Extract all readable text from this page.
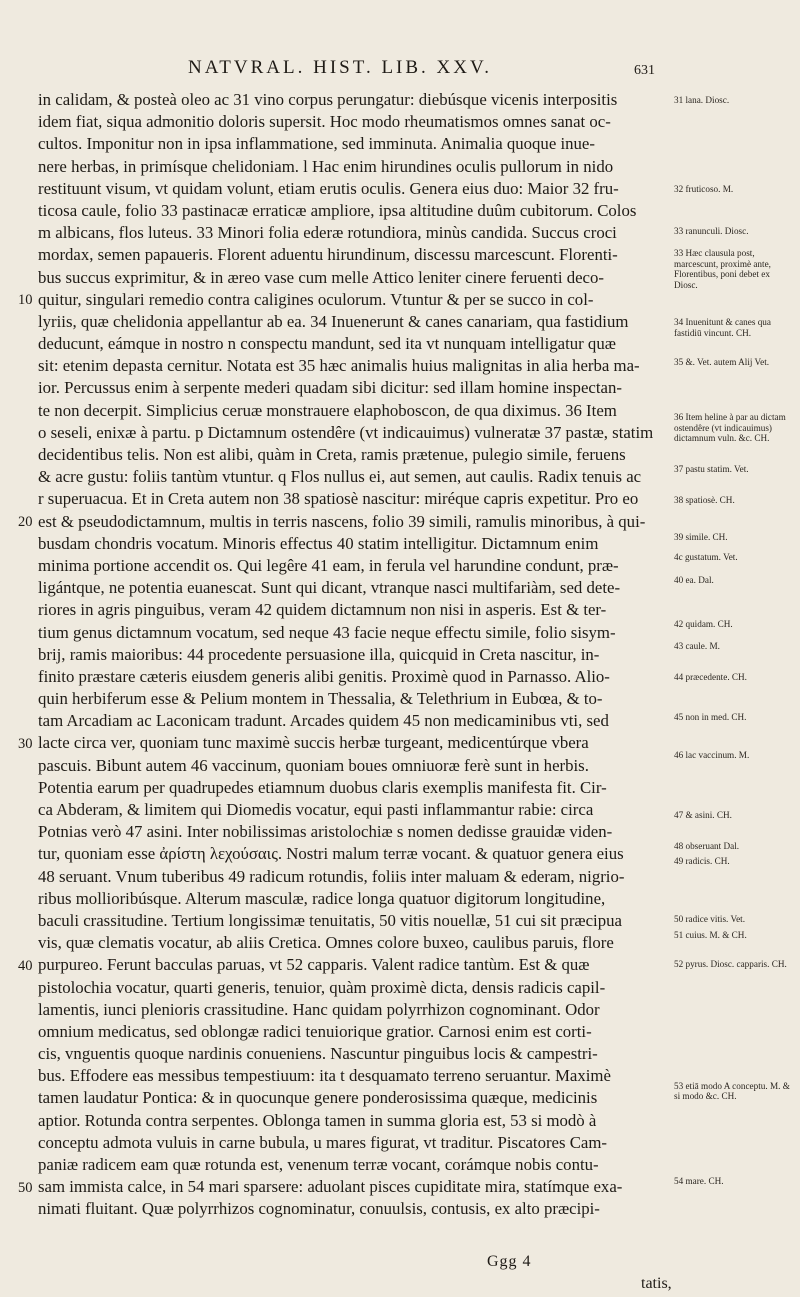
NATVRAL. HIST. LIB. XXV.	631
10
20
30
40
50
in calidam, & posteà oleo ac 31 vino corpus perungatur: diebúsque vicenis interpositis
idem fiat, siqua admonitio doloris supersit. Hoc modo rheumatismos omnes sanat oc-
cultos. Imponitur non in ipsa inflammatione, sed imminuta. Animalia quoque inue-
nere herbas, in primísque chelidoniam. l Hac enim hirundines oculis pullorum in nido
restituunt visum, vt quidam volunt, etiam erutis oculis. Genera eius duo: Maior 32 fru-
ticosa caule, folio 33 pastinacæ erraticæ ampliore, ipsa altitudine duûm cubitorum. Colos
m albicans, flos luteus. 33 Minori folia ederæ rotundiora, minùs candida. Succus croci
mordax, semen papaueris. Florent aduentu hirundinum, discessu marcescunt. Florenti-
bus succus exprimitur, & in æreo vase cum melle Attico leniter cinere feruenti deco-
quitur, singulari remedio contra caligines oculorum. Vtuntur & per se succo in col-
lyriis, quæ chelidonia appellantur ab ea. 34 Inuenerunt & canes canariam, qua fastidium
deducunt, eámque in nostro n conspectu mandunt, sed ita vt nunquam intelligatur quæ
sit: etenim depasta cernitur. Notata est 35 hæc animalis huius malignitas in alia herba ma-
ior. Percussus enim à serpente mederi quadam sibi dicitur: sed illam homine inspectan-
te non decerpit. Simplicius ceruæ monstrauere elaphoboscon, de qua diximus. 36 Item
o seseli, enixæ à partu. p Dictamnum ostendêre (vt indicauimus) vulneratæ 37 pastæ, statim
decidentibus telis. Non est alibi, quàm in Creta, ramis prætenue, pulegio simile, feruens
& acre gustu: foliis tantùm vtuntur. q Flos nullus ei, aut semen, aut caulis. Radix tenuis ac
r superuacua. Et in Creta autem non 38 spatiosè nascitur: miréque capris expetitur. Pro eo
est & pseudodictamnum, multis in terris nascens, folio 39 simili, ramulis minoribus, à qui-
busdam chondris vocatum. Minoris effectus 40 statim intelligitur. Dictamnum enim
minima portione accendit os. Qui legêre 41 eam, in ferula vel harundine condunt, præ-
ligántque, ne potentia euanescat. Sunt qui dicant, vtranque nasci multifariàm, sed dete-
riores in agris pinguibus, veram 42 quidem dictamnum non nisi in asperis. Est & ter-
tium genus dictamnum vocatum, sed neque 43 facie neque effectu simile, folio sisym-
brij, ramis maioribus: 44 procedente persuasione illa, quicquid in Creta nascitur, in-
finito præstare cæteris eiusdem generis alibi genitis. Proximè quod in Parnasso. Alio-
quin herbiferum esse & Pelium montem in Thessalia, & Telethrium in Eubœa, & to-
tam Arcadiam ac Laconicam tradunt. Arcades quidem 45 non medicaminibus vti, sed
lacte circa ver, quoniam tunc maximè succis herbæ turgeant, medicentúrque vbera
pascuis. Bibunt autem 46 vaccinum, quoniam boues omniuoræ ferè sunt in herbis.
Potentia earum per quadrupedes etiamnum duobus claris exemplis manifesta fit. Cir-
ca Abderam, & limitem qui Diomedis vocatur, equi pasti inflammantur rabie: circa
Potnias verò 47 asini. Inter nobilissimas aristolochiæ s nomen dedisse grauidæ viden-
tur, quoniam esse ἀρίστη λεχούσαις. Nostri malum terræ vocant. & quatuor genera eius
48 seruant. Vnum tuberibus 49 radicum rotundis, foliis inter maluam & ederam, nigrio-
ribus mollioribúsque. Alterum masculæ, radice longa quatuor digitorum longitudine,
baculi crassitudine. Tertium longissimæ tenuitatis, 50 vitis nouellæ, 51 cui sit præcipua
vis, quæ clematis vocatur, ab aliis Cretica. Omnes colore buxeo, caulibus paruis, flore
purpureo. Ferunt bacculas paruas, vt 52 capparis. Valent radice tantùm. Est & quæ
pistolochia vocatur, quarti generis, tenuior, quàm proximè dicta, densis radicis capil-
lamentis, iunci plenioris crassitudine. Hanc quidam polyrrhizon cognominant. Odor
omnium medicatus, sed oblongæ radici tenuiorique gratior. Carnosi enim est corti-
cis, vnguentis quoque nardinis conueniens. Nascuntur pinguibus locis & campestri-
bus. Effodere eas messibus tempestiuum: ita t desquamato terreno seruantur. Maximè
tamen laudatur Pontica: & in quocunque genere ponderosissima quæque, medicinis
aptior. Rotunda contra serpentes. Oblonga tamen in summa gloria est, 53 si modò à
conceptu admota vuluis in carne bubula, u mares figurat, vt traditur. Piscatores Cam-
paniæ radicem eam quæ rotunda est, venenum terræ vocant, corámque nobis contu-
sam immista calce, in 54 mari sparsere: aduolant pisces cupiditate mira, statímque exa-
nimati fluitant. Quæ polyrrhizos cognominatur, conuulsis, contusis, ex alto præcipi-
31 lana. Diosc.
32 fruticoso. M.
33 ranunculi. Diosc.
33 Hæc clausula post, marcescunt, proximè ante, Florentibus, poni debet ex Diosc.
34 Inuenitunt & canes qua fastidiū vincunt. CH.
35 &. Vet. autem Alij Vet.
36 Item heline à par au dictam ostendêre (vt indicauimus) dictamnum vuln. &c. CH.
37 pastu statim. Vet.
38 spatiosè. CH.
39 simile. CH.
4c gustatum. Vet.
40 ea. Dal.
42 quidam. CH.
43 caule. M.
44 præcedente. CH.
45 non in med. CH.
46 lac vaccinum. M.
47 & asini. CH.
48 obseruant Dal.
49 radicis. CH.
50 radice vitis. Vet.
51 cuius. M. & CH.
52 pyrus. Diosc. capparis. CH.
53 etiā modo A conceptu. M. & si modo &c. CH.
54 mare. CH.
Ggg 4
tatis,
